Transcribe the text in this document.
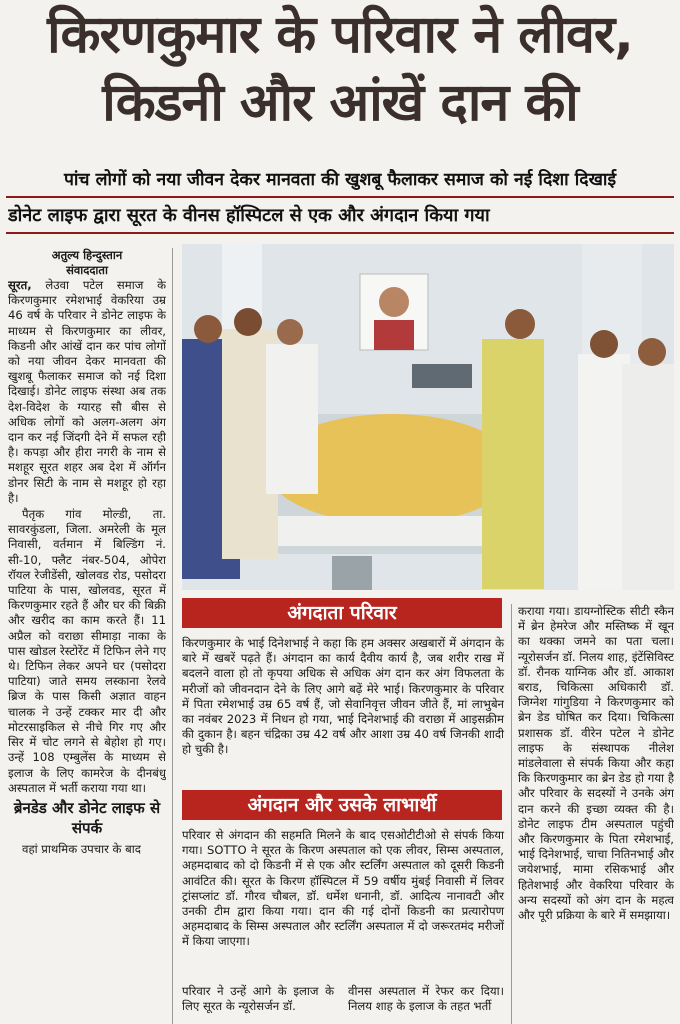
किरणकुमार के परिवार ने लीवर,
किडनी और आंखें दान की
पांच लोगों को नया जीवन देकर मानवता की खुशबू फैलाकर समाज को नई दिशा दिखाई
डोनेट लाइफ द्वारा सूरत के वीनस हॉस्पिटल से एक और अंगदान किया गया
अतुल्य हिन्दुस्तान
संवाददाता

सूरत, लेउवा पटेल समाज के किरणकुमार रमेशभाई वेकरिया उम्र 46 वर्ष के परिवार ने डोनेट लाइफ के माध्यम से किरणकुमार का लीवर, किडनी और आंखें दान कर पांच लोगों को नया जीवन देकर मानवता की खुशबू फैलाकर समाज को नई दिशा दिखाई। डोनेट लाइफ संस्था अब तक देश-विदेश के ग्यारह सौ बीस से अधिक लोगों को अलग-अलग अंग दान कर नई जिंदगी देने में सफल रही है। कपड़ा और हीरा नगरी के नाम से मशहूर सूरत शहर अब देश में ऑर्गन डोनर सिटी के नाम से मशहूर हो रहा है।

पैतृक गांव मोल्डी, ता. सावरकुंडला, जिला. अमरेली के मूल निवासी, वर्तमान में बिल्डिंग नं. सी-10, फ्लैट नंबर-504, ओपेरा रॉयल रेजीडेंसी, खोलवड रोड, पसोदरा पाटिया के पास, खोलवड, सूरत में किरणकुमार रहते हैं और घर की बिक्री और खरीद का काम करते हैं। 11 अप्रैल को वराछा सीमाड़ा नाका के पास खोडल रेस्टोरेंट में टिफिन लेने गए थे। टिफिन लेकर अपने घर (पसोदरा पाटिया) जाते समय लस्काना रेलवे ब्रिज के पास किसी अज्ञात वाहन चालक ने उन्हें टक्कर मार दी और मोटरसाइकिल से नीचे गिर गए और सिर में चोट लगने से बेहोश हो गए। उन्हें 108 एम्बुलेंस के माध्यम से इलाज के लिए कामरेज के दीनबंधु अस्पताल में भर्ती कराया गया था।

ब्रेनडेड और डोनेट लाइफ से संपर्क

वहां प्राथमिक उपचार के बाद

अंगदाता परिवार
किरणकुमार के भाई दिनेशभाई ने कहा कि हम अक्सर अखबारों में अंगदान के बारे में खबरें पढ़ते हैं। अंगदान का कार्य दैवीय कार्य है, जब शरीर राख में बदलने वाला हो तो कृपया अधिक से अधिक अंग दान कर अंग विफलता के मरीजों को जीवनदान देने के लिए आगे बढ़ें मेरे भाई। किरणकुमार के परिवार में पिता रमेशभाई उम्र 65 वर्ष हैं, जो सेवानिवृत्त जीवन जीते हैं, मां लाभुबेन का नवंबर 2023 में निधन हो गया, भाई दिनेशभाई की वराछा में आइसक्रीम की दुकान है। बहन चंद्रिका उम्र 42 वर्ष और आशा उम्र 40 वर्ष जिनकी शादी हो चुकी है।
अंगदान और उसके लाभार्थी
परिवार से अंगदान की सहमति मिलने के बाद एसओटीटीओ से संपर्क किया गया। SOTTO ने सूरत के किरण अस्पताल को एक लीवर, सिम्स अस्पताल, अहमदाबाद को दो किडनी में से एक और स्टर्लिंग अस्पताल को दूसरी किडनी आवंटित की। सूरत के किरण हॉस्पिटल में 59 वर्षीय मुंबई निवासी में लिवर ट्रांसप्लांट डॉ. गौरव चौबल, डॉ. धर्मेश धनानी, डॉ. आदित्य नानावटी और उनकी टीम द्वारा किया गया। दान की गई दोनों किडनी का प्रत्यारोपण अहमदाबाद के सिम्स अस्पताल और स्टर्लिंग अस्पताल में दो जरूरतमंद मरीजों में किया जाएगा।
परिवार ने उन्हें आगे के इलाज के लिए सूरत के न्यूरोसर्जन डॉ.
वीनस अस्पताल में रेफर कर दिया। निलय शाह के इलाज के तहत भर्ती
कराया गया। डायग्नोस्टिक सीटी स्कैन में ब्रेन हेमरेज और मस्तिष्क में खून का थक्का जमने का पता चला। न्यूरोसर्जन डॉ. निलय शाह, इंटेंसिविस्ट डॉ. रौनक याग्निक और डॉ. आकाश बराड, चिकित्सा अधिकारी डॉ. जिग्नेश गांगुडिया ने किरणकुमार को ब्रेन डेड घोषित कर दिया। चिकित्सा प्रशासक डॉ. वीरेन पटेल ने डोनेट लाइफ के संस्थापक नीलेश मांडलेवाला से संपर्क किया और कहा कि किरणकुमार का ब्रेन डेड हो गया है और परिवार के सदस्यों ने उनके अंग दान करने की इच्छा व्यक्त की है। डोनेट लाइफ टीम अस्पताल पहुंची और किरणकुमार के पिता रमेशभाई, भाई दिनेशभाई, चाचा नितिनभाई और जयेशभाई, मामा रसिकभाई और हितेशभाई और वेकरिया परिवार के अन्य सदस्यों को अंग दान के महत्व और पूरी प्रक्रिया के बारे में समझाया।
